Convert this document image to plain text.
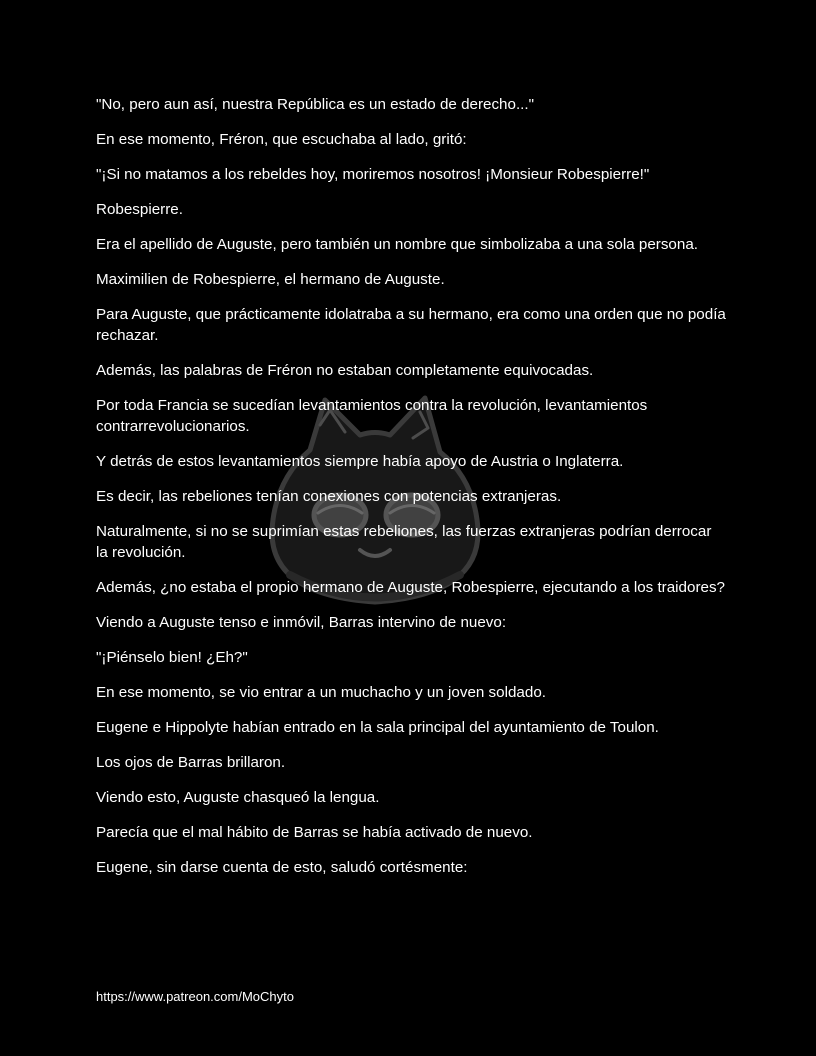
"No, pero aun así, nuestra República es un estado de derecho..."

En ese momento, Fréron, que escuchaba al lado, gritó:

"¡Si no matamos a los rebeldes hoy, moriremos nosotros! ¡Monsieur Robespierre!"

Robespierre.

Era el apellido de Auguste, pero también un nombre que simbolizaba a una sola persona.

Maximilien de Robespierre, el hermano de Auguste.

Para Auguste, que prácticamente idolatraba a su hermano, era como una orden que no podía rechazar.

Además, las palabras de Fréron no estaban completamente equivocadas.

Por toda Francia se sucedían levantamientos contra la revolución, levantamientos contrarrevolucionarios.

Y detrás de estos levantamientos siempre había apoyo de Austria o Inglaterra.

Es decir, las rebeliones tenían conexiones con potencias extranjeras.

Naturalmente, si no se suprimían estas rebeliones, las fuerzas extranjeras podrían derrocar la revolución.

Además, ¿no estaba el propio hermano de Auguste, Robespierre, ejecutando a los traidores?

Viendo a Auguste tenso e inmóvil, Barras intervino de nuevo:

"¡Piénselo bien! ¿Eh?"

En ese momento, se vio entrar a un muchacho y un joven soldado.

Eugene e Hippolyte habían entrado en la sala principal del ayuntamiento de Toulon.

Los ojos de Barras brillaron.

Viendo esto, Auguste chasqueó la lengua.

Parecía que el mal hábito de Barras se había activado de nuevo.

Eugene, sin darse cuenta de esto, saludó cortésmente:

https://www.patreon.com/MoChyto
